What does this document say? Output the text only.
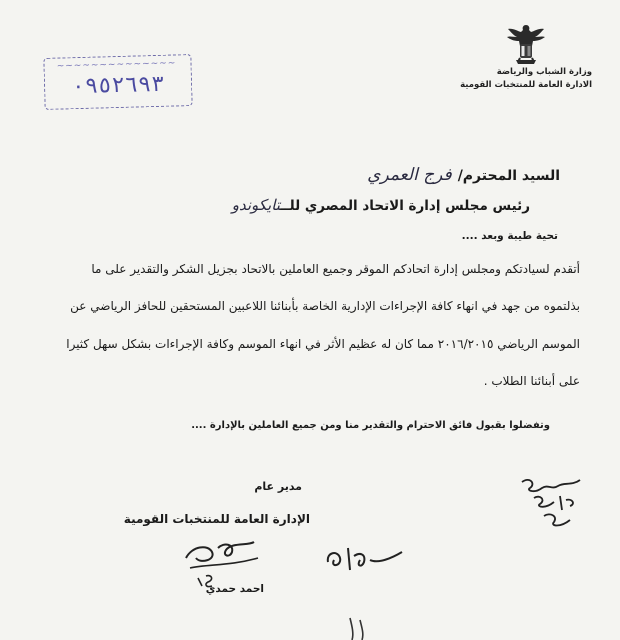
وزارة الشباب والرياضة
الادارة العامة للمنتخبات القومية
~~~~~~~~~~~~~~
٠٩٥٢٦٩٣
السيد المحترم/فرج العمري
رئيس مجلس إدارة الاتحاد المصري للــتايكوندو
تحية طيبة وبعد ....
أتقدم لسيادتكم ومجلس إدارة اتحادكم الموقر وجميع العاملين بالاتحاد بجزيل الشكر والتقدير على ما
بذلتموه من جهد في انهاء كافة الإجراءات الإدارية الخاصة بأبنائنا اللاعبين المستحقين للحافز الرياضي عن
الموسم الرياضي ٢٠١٦/٢٠١٥ مما كان له عظيم الأثر في انهاء الموسم وكافة الإجراءات بشكل سهل كثيرا
على أبنائنا الطلاب .
وتفضلوا بقبول فائق الاحترام والتقدير منا ومن جميع العاملين بالإدارة ....
مدير عام
الإدارة العامة للمنتخبات القومية
احمد حمدي
